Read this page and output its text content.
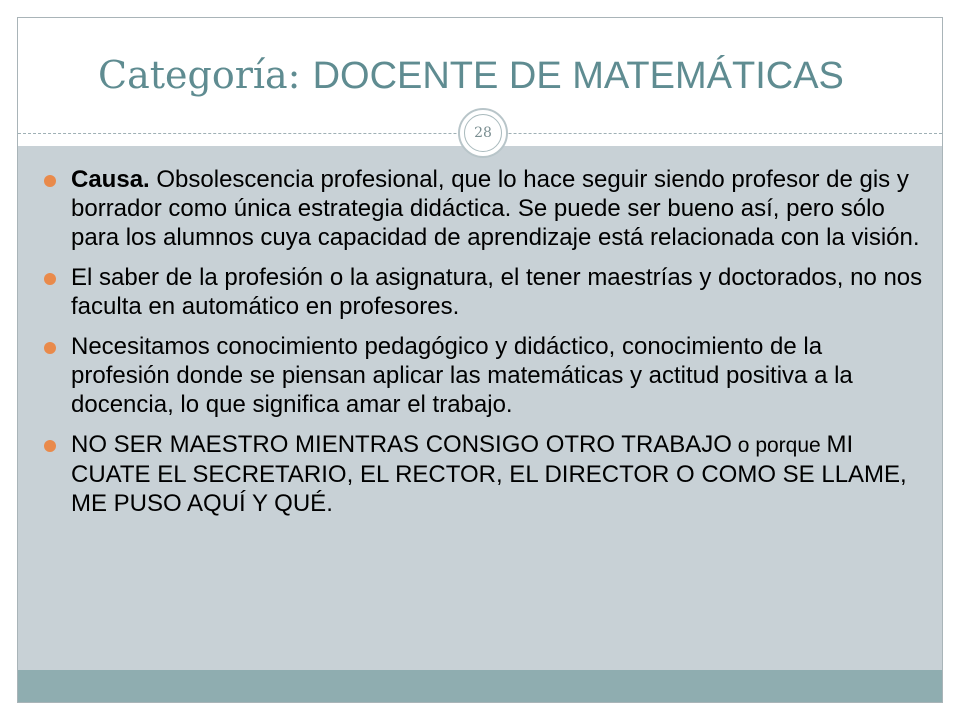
Categoría: DOCENTE DE MATEMÁTICAS
28
Causa. Obsolescencia profesional, que lo hace seguir siendo profesor de gis y borrador como única estrategia didáctica. Se puede ser bueno así, pero sólo para los alumnos cuya capacidad de aprendizaje está relacionada con la visión.
El saber de la profesión o la asignatura, el tener maestrías y doctorados, no nos faculta en automático en profesores.
Necesitamos conocimiento pedagógico y didáctico, conocimiento de la profesión donde se piensan aplicar las matemáticas y actitud positiva a la docencia, lo que significa amar el trabajo.
NO SER MAESTRO MIENTRAS CONSIGO OTRO TRABAJO o porque MI CUATE EL SECRETARIO, EL RECTOR, EL DIRECTOR O COMO SE LLAME, ME PUSO AQUÍ Y QUÉ.
